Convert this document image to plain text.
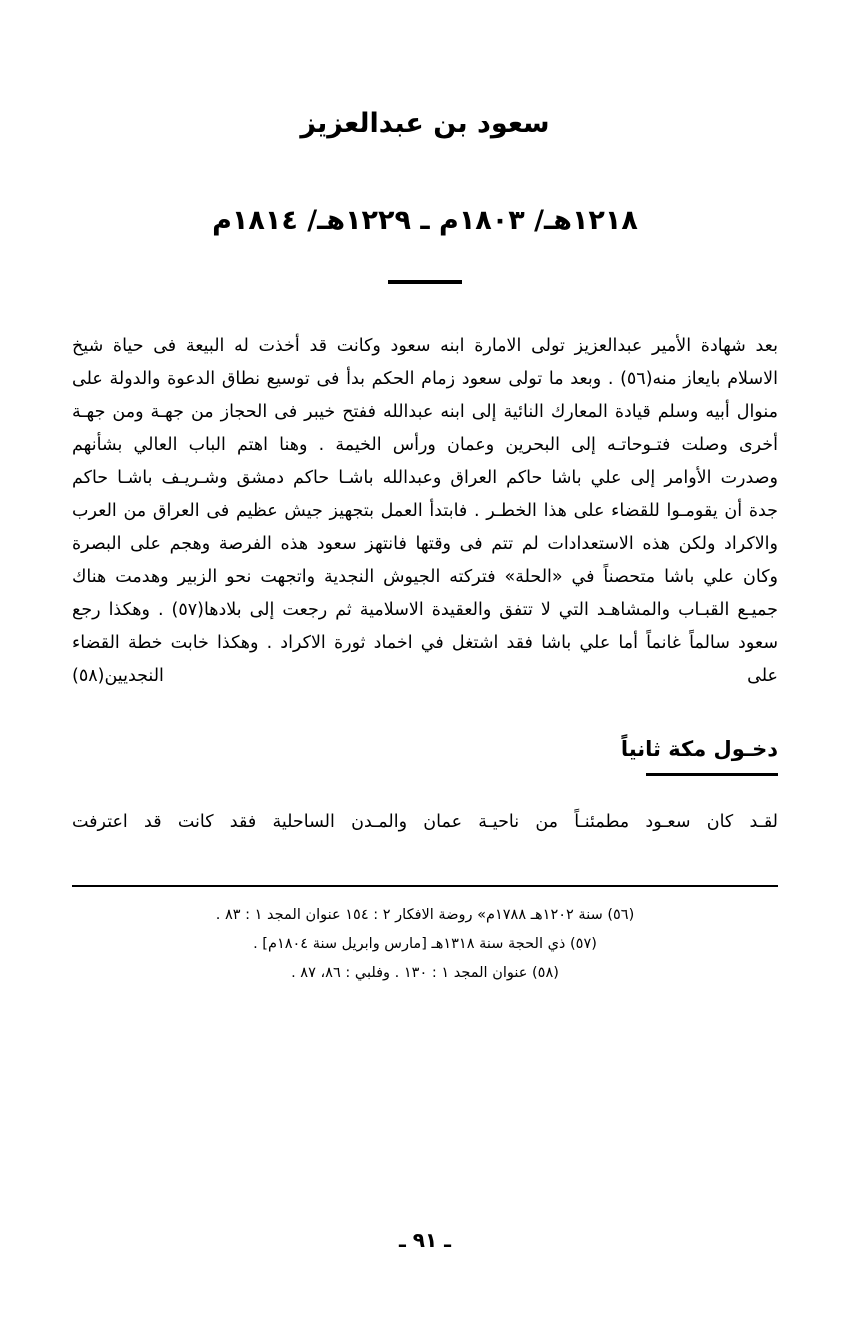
سعود بن عبدالعزيز
١٢١٨هـ/ ١٨٠٣م ـ ١٢٢٩هـ/ ١٨١٤م

بعد شهادة الأمير عبدالعزيز تولى الامارة ابنه سعود وكانت قد أخذت له البيعة فى حياة شيخ الاسلام بايعاز منه(٥٦) . وبعد ما تولى سعود زمام الحكم بدأ فى توسيع نطاق الدعوة والدولة على منوال أبيه وسلم قيادة المعارك النائية إلى ابنه عبدالله ففتح خيبر فى الحجاز من جهـة ومن جهـة أخرى وصلت فتـوحاتـه إلى البحرين وعمان ورأس الخيمة . وهنا اهتم الباب العالي بشأنهم وصدرت الأوامر إلى علي باشا حاكم العراق وعبدالله باشـا حاكم دمشق وشـريـف باشـا حاكم جدة أن يقومـوا للقضاء على هذا الخطـر . فابتدأ العمل بتجهيز جيش عظيم فى العراق من العرب والاكراد ولكن هذه الاستعدادات لم تتم فى وقتها فانتهز سعود هذه الفرصة وهجم على البصرة وكان علي باشا متحصناً في «الحلة» فتركته الجيوش النجدية واتجهت نحو الزبير وهدمت هناك جميـع القبـاب والمشاهـد التي لا تتفق والعقيدة الاسلامية ثم رجعت إلى بلادها(٥٧) . وهكذا رجع سعود سالماً غانماً أما علي باشا فقد اشتغل في اخماد ثورة الاكراد . وهكذا خابت خطة القضاء على النجديين(٥٨)

دخـول مكة ثانياً

لقـد كان سعـود مطمئنـاً من ناحيـة عمان والمـدن الساحلية فقد كانت قد اعترفت

(٥٦) سنة ١٢٠٢هـ ١٧٨٨م» روضة الافكار ٢ : ١٥٤ عنوان المجد ١ : ٨٣ .
(٥٧) ذي الحجة سنة ١٣١٨هـ [مارس وابريل سنة ١٨٠٤م] .
(٥٨) عنوان المجد ١ : ١٣٠ . وفلبي : ٨٦، ٨٧ .
ـ ٩١ ـ
